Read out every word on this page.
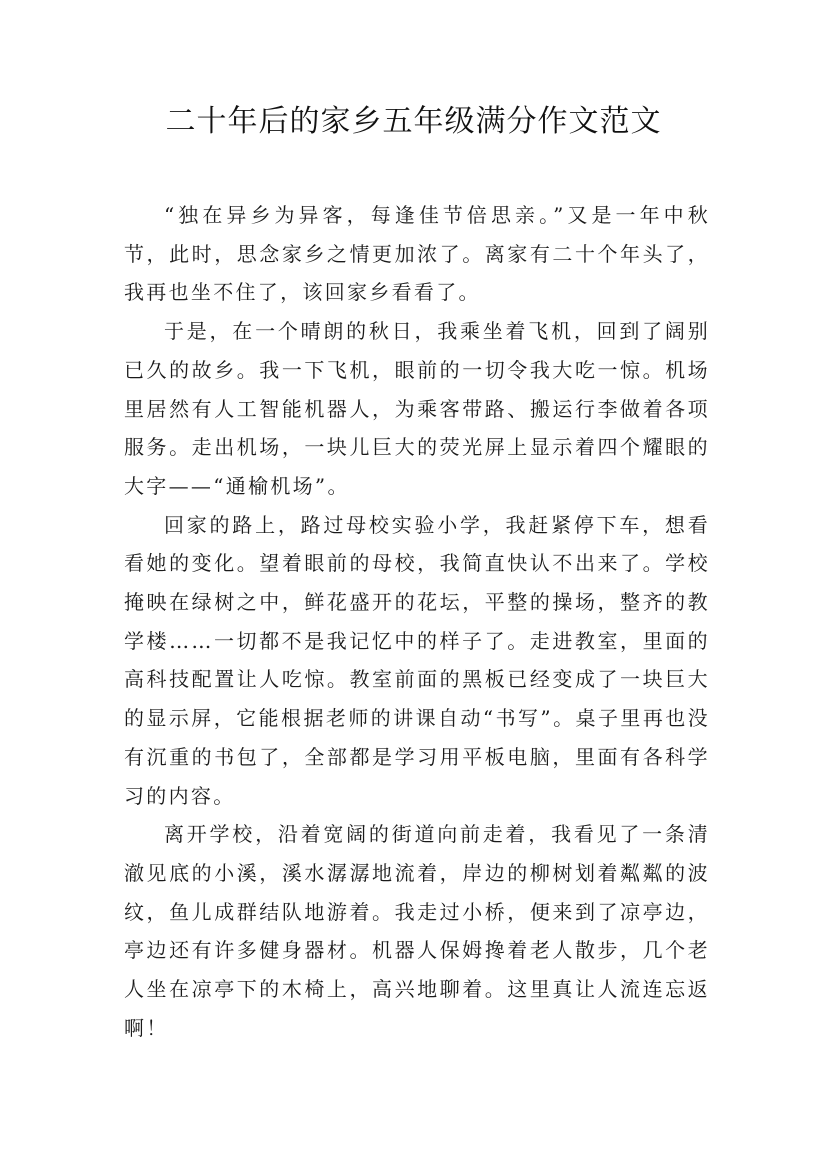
二十年后的家乡五年级满分作文范文

“独在异乡为异客，每逢佳节倍思亲。”又是一年中秋节，此时，思念家乡之情更加浓了。离家有二十个年头了，我再也坐不住了，该回家乡看看了。

于是，在一个晴朗的秋日，我乘坐着飞机，回到了阔别已久的故乡。我一下飞机，眼前的一切令我大吃一惊。机场里居然有人工智能机器人，为乘客带路、搬运行李做着各项服务。走出机场，一块儿巨大的荧光屏上显示着四个耀眼的大字——“通榆机场”。

回家的路上，路过母校实验小学，我赶紧停下车，想看看她的变化。望着眼前的母校，我简直快认不出来了。学校掩映在绿树之中，鲜花盛开的花坛，平整的操场，整齐的教学楼……一切都不是我记忆中的样子了。走进教室，里面的高科技配置让人吃惊。教室前面的黑板已经变成了一块巨大的显示屏，它能根据老师的讲课自动“书写”。桌子里再也没有沉重的书包了，全部都是学习用平板电脑，里面有各科学习的内容。

离开学校，沿着宽阔的街道向前走着，我看见了一条清澈见底的小溪，溪水潺潺地流着，岸边的柳树划着粼粼的波纹，鱼儿成群结队地游着。我走过小桥，便来到了凉亭边，亭边还有许多健身器材。机器人保姆搀着老人散步，几个老人坐在凉亭下的木椅上，高兴地聊着。这里真让人流连忘返啊！
